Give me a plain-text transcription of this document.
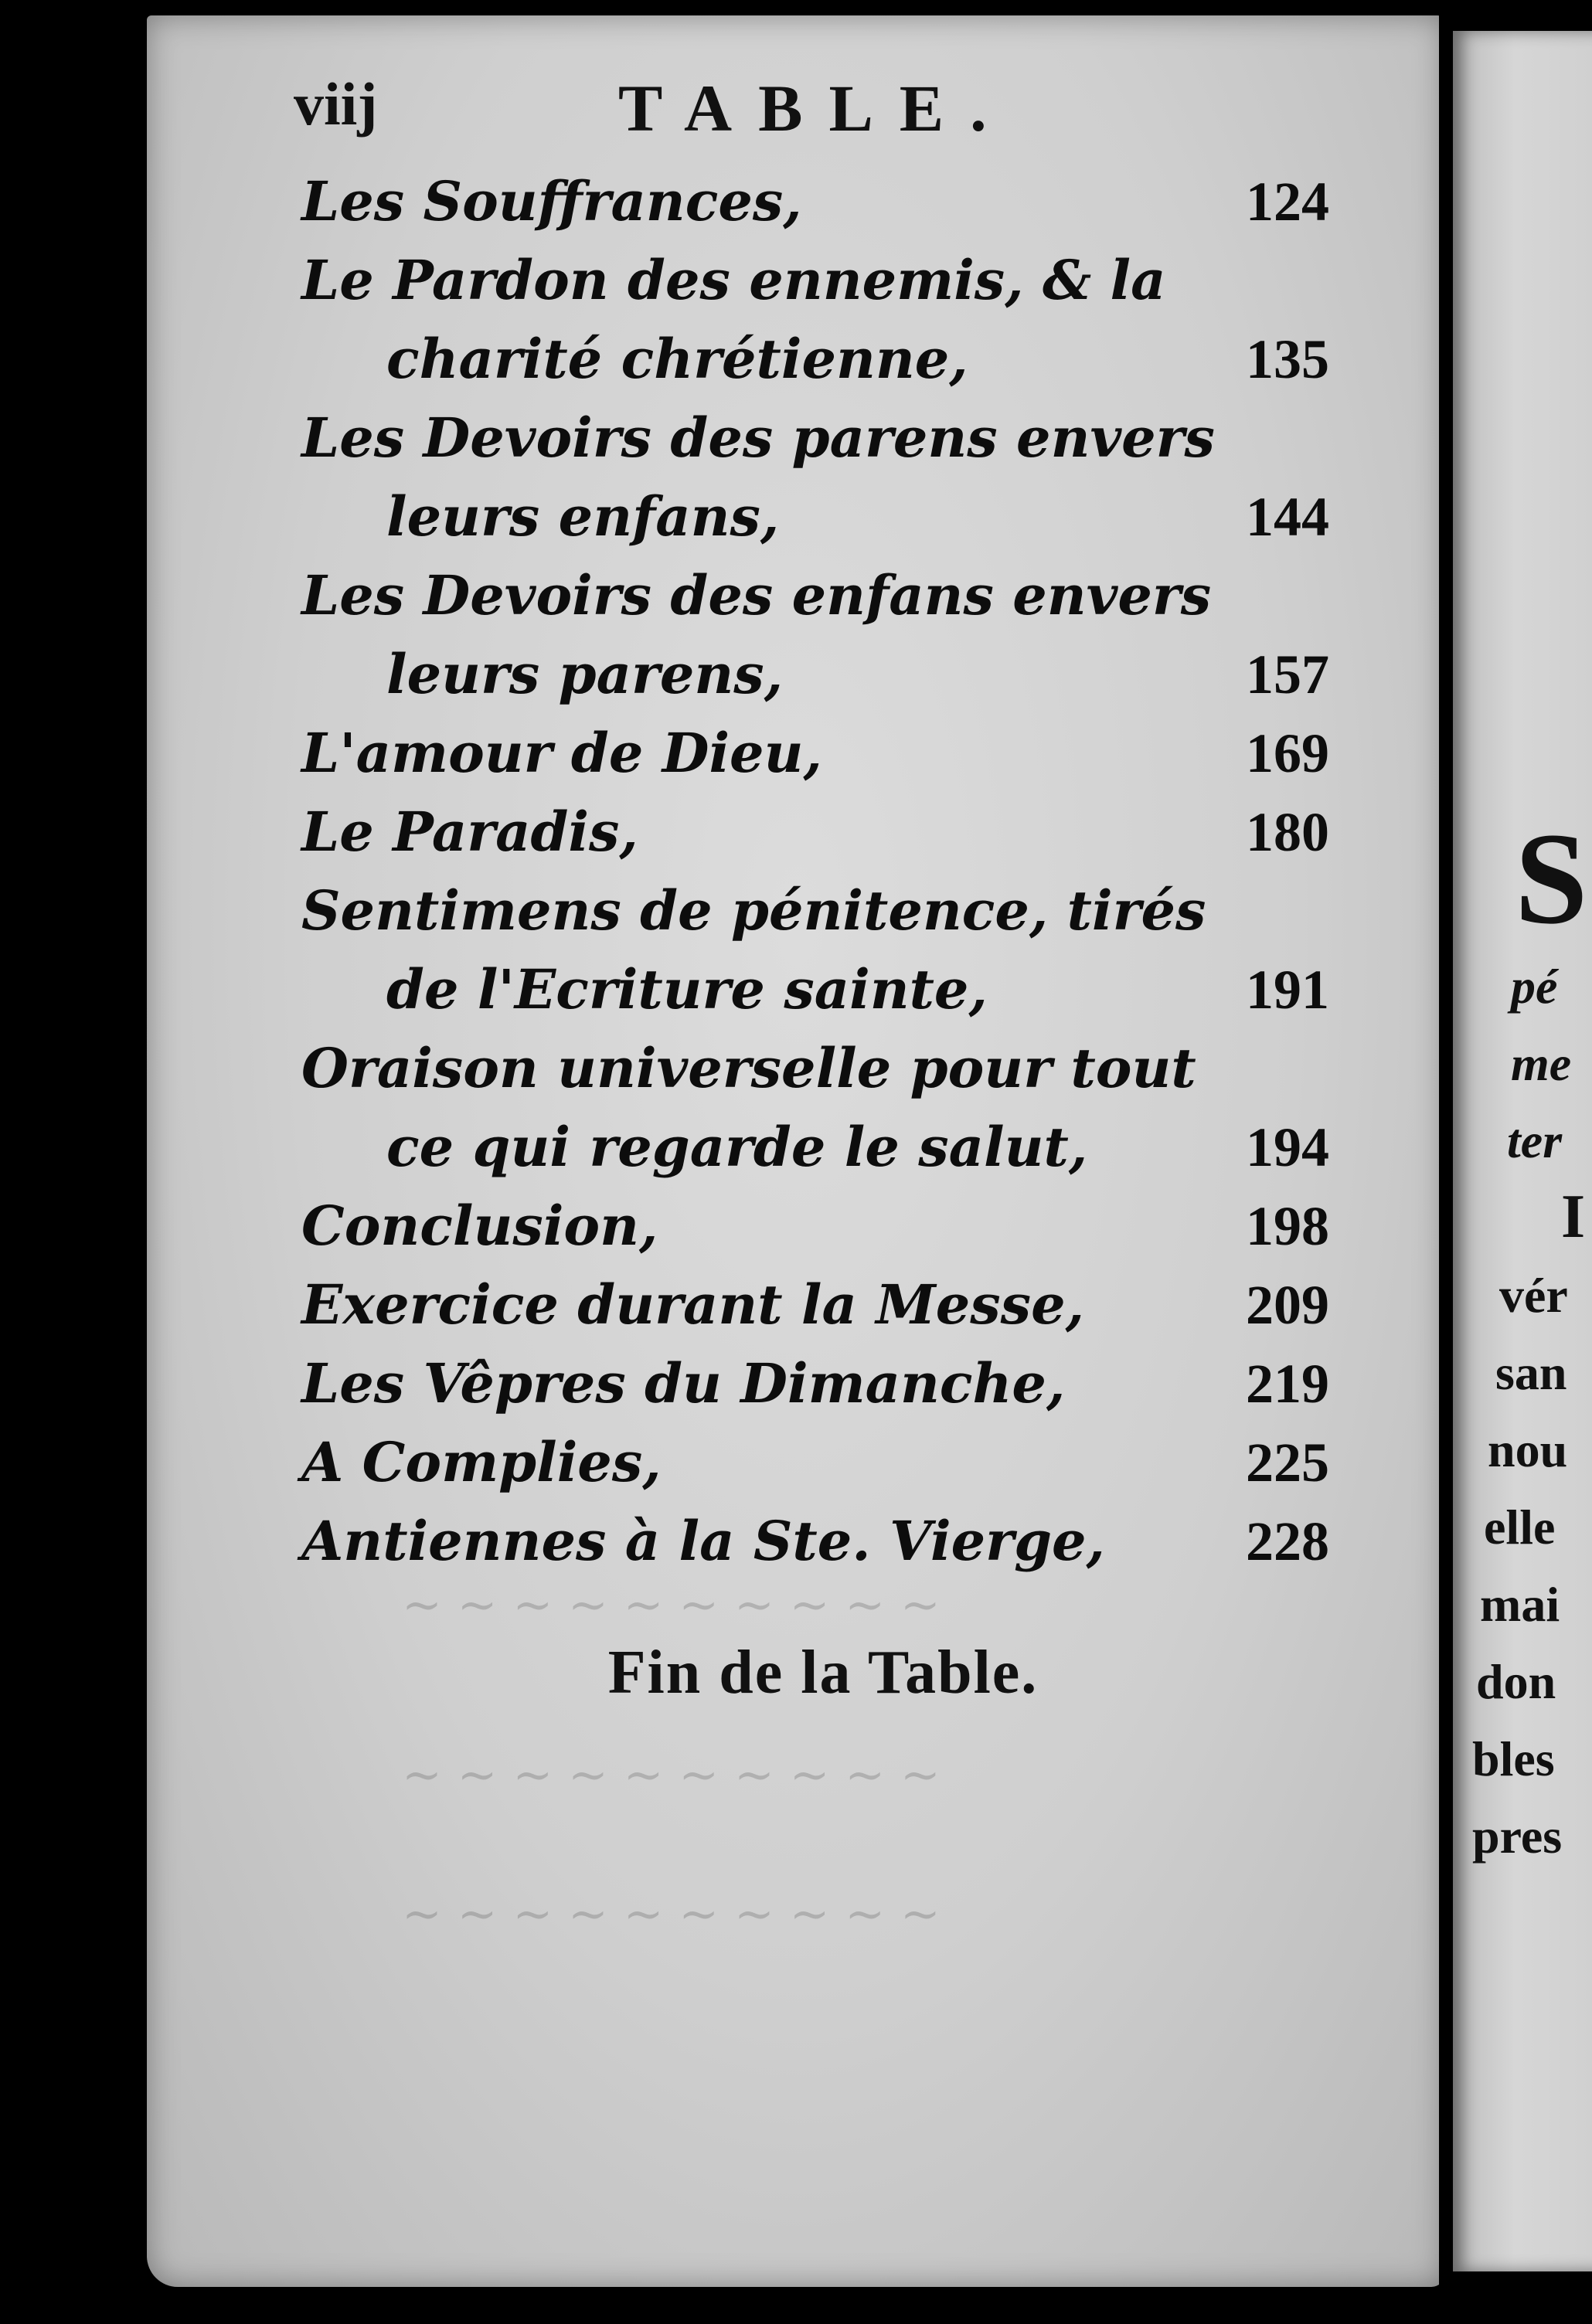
~ ~ ~ ~ ~ ~ ~ ~ ~ ~
~ ~ ~ ~ ~ ~ ~ ~ ~ ~
~ ~ ~ ~ ~ ~ ~ ~ ~ ~
viij	TABLE.
Les Souffrances,	124
Le Pardon des ennemis, & la
charité chrétienne,	135
Les Devoirs des parens envers
leurs enfans,	144
Les Devoirs des enfans envers
leurs parens,	157
L'amour de Dieu,	169
Le Paradis,	180
Sentimens de pénitence, tirés
de l'Ecriture sainte,	191
Oraison universelle pour tout
ce qui regarde le salut,	194
Conclusion,	198
Exercice durant la Messe,	209
Les Vêpres du Dimanche,	219
A Complies,	225
Antiennes à la Ste. Vierge,	228
Fin de la Table.
S
pé
me
ter
I
vér
san
nou
elle
mai
don
bles
pres
